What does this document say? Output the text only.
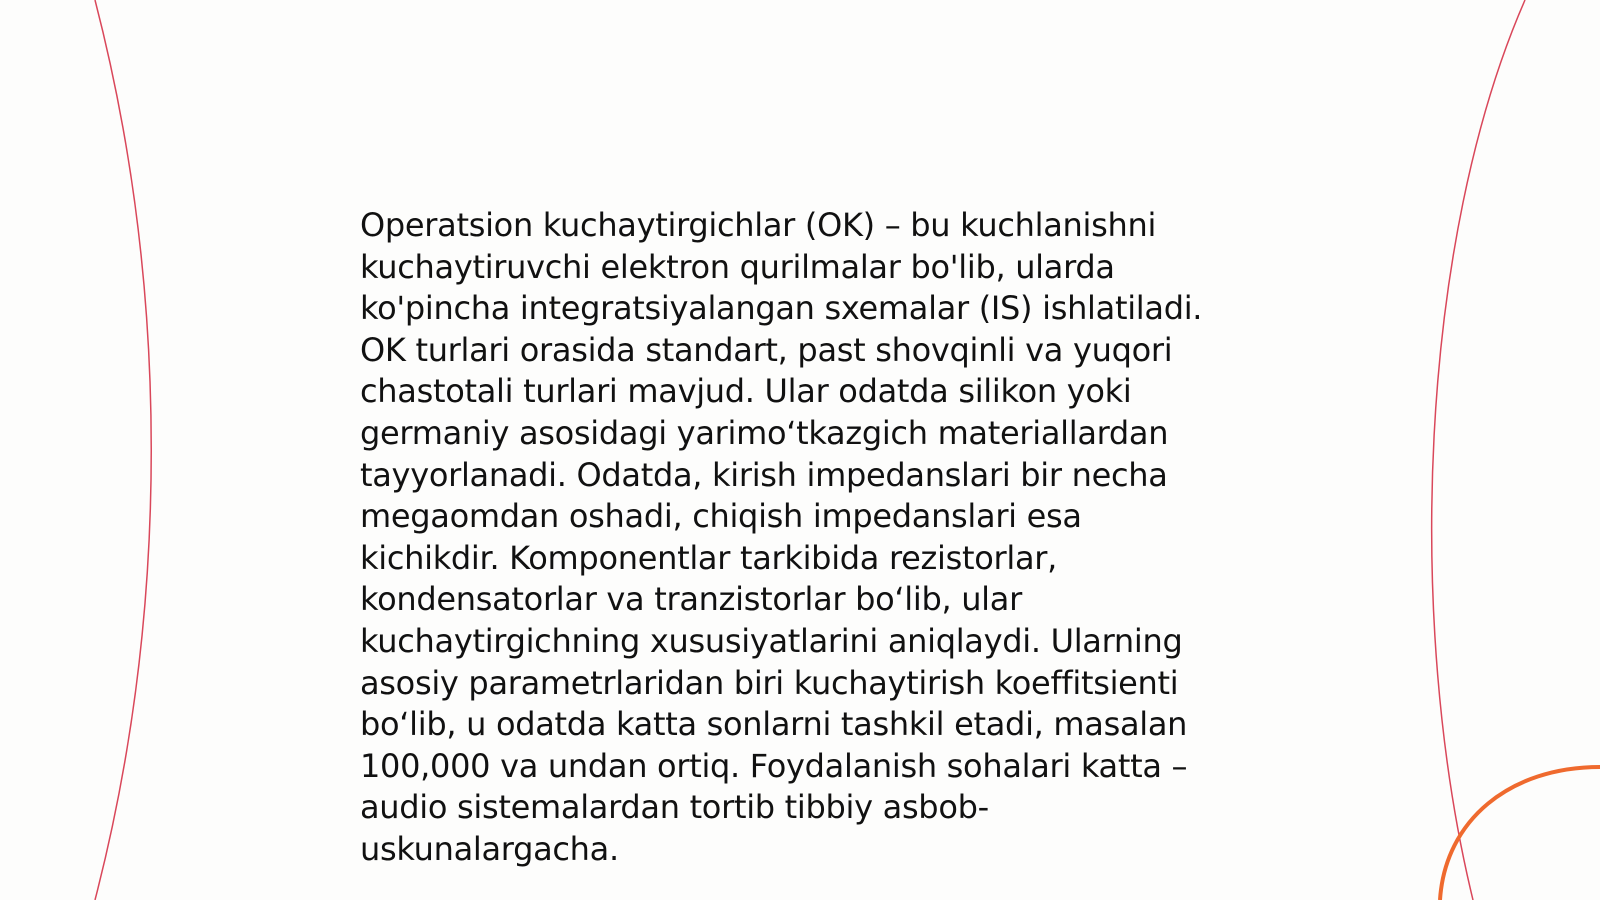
Operatsion kuchaytirgichlar (OK) – bu kuchlanishni
kuchaytiruvchi elektron qurilmalar bo'lib, ularda
ko'pincha integratsiyalangan sxemalar (IS) ishlatiladi.
OK turlari orasida standart, past shovqinli va yuqori
chastotali turlari mavjud. Ular odatda silikon yoki
germaniy asosidagi yarimoʻtkazgich materiallardan
tayyorlanadi. Odatda, kirish impedanslari bir necha
megaomdan oshadi, chiqish impedanslari esa
kichikdir. Komponentlar tarkibida rezistorlar,
kondensatorlar va tranzistorlar boʻlib, ular
kuchaytirgichning xususiyatlarini aniqlaydi. Ularning
asosiy parametrlaridan biri kuchaytirish koeffitsienti
boʻlib, u odatda katta sonlarni tashkil etadi, masalan
100,000 va undan ortiq. Foydalanish sohalari katta –
audio sistemalardan tortib tibbiy asbob-
uskunalargacha.
